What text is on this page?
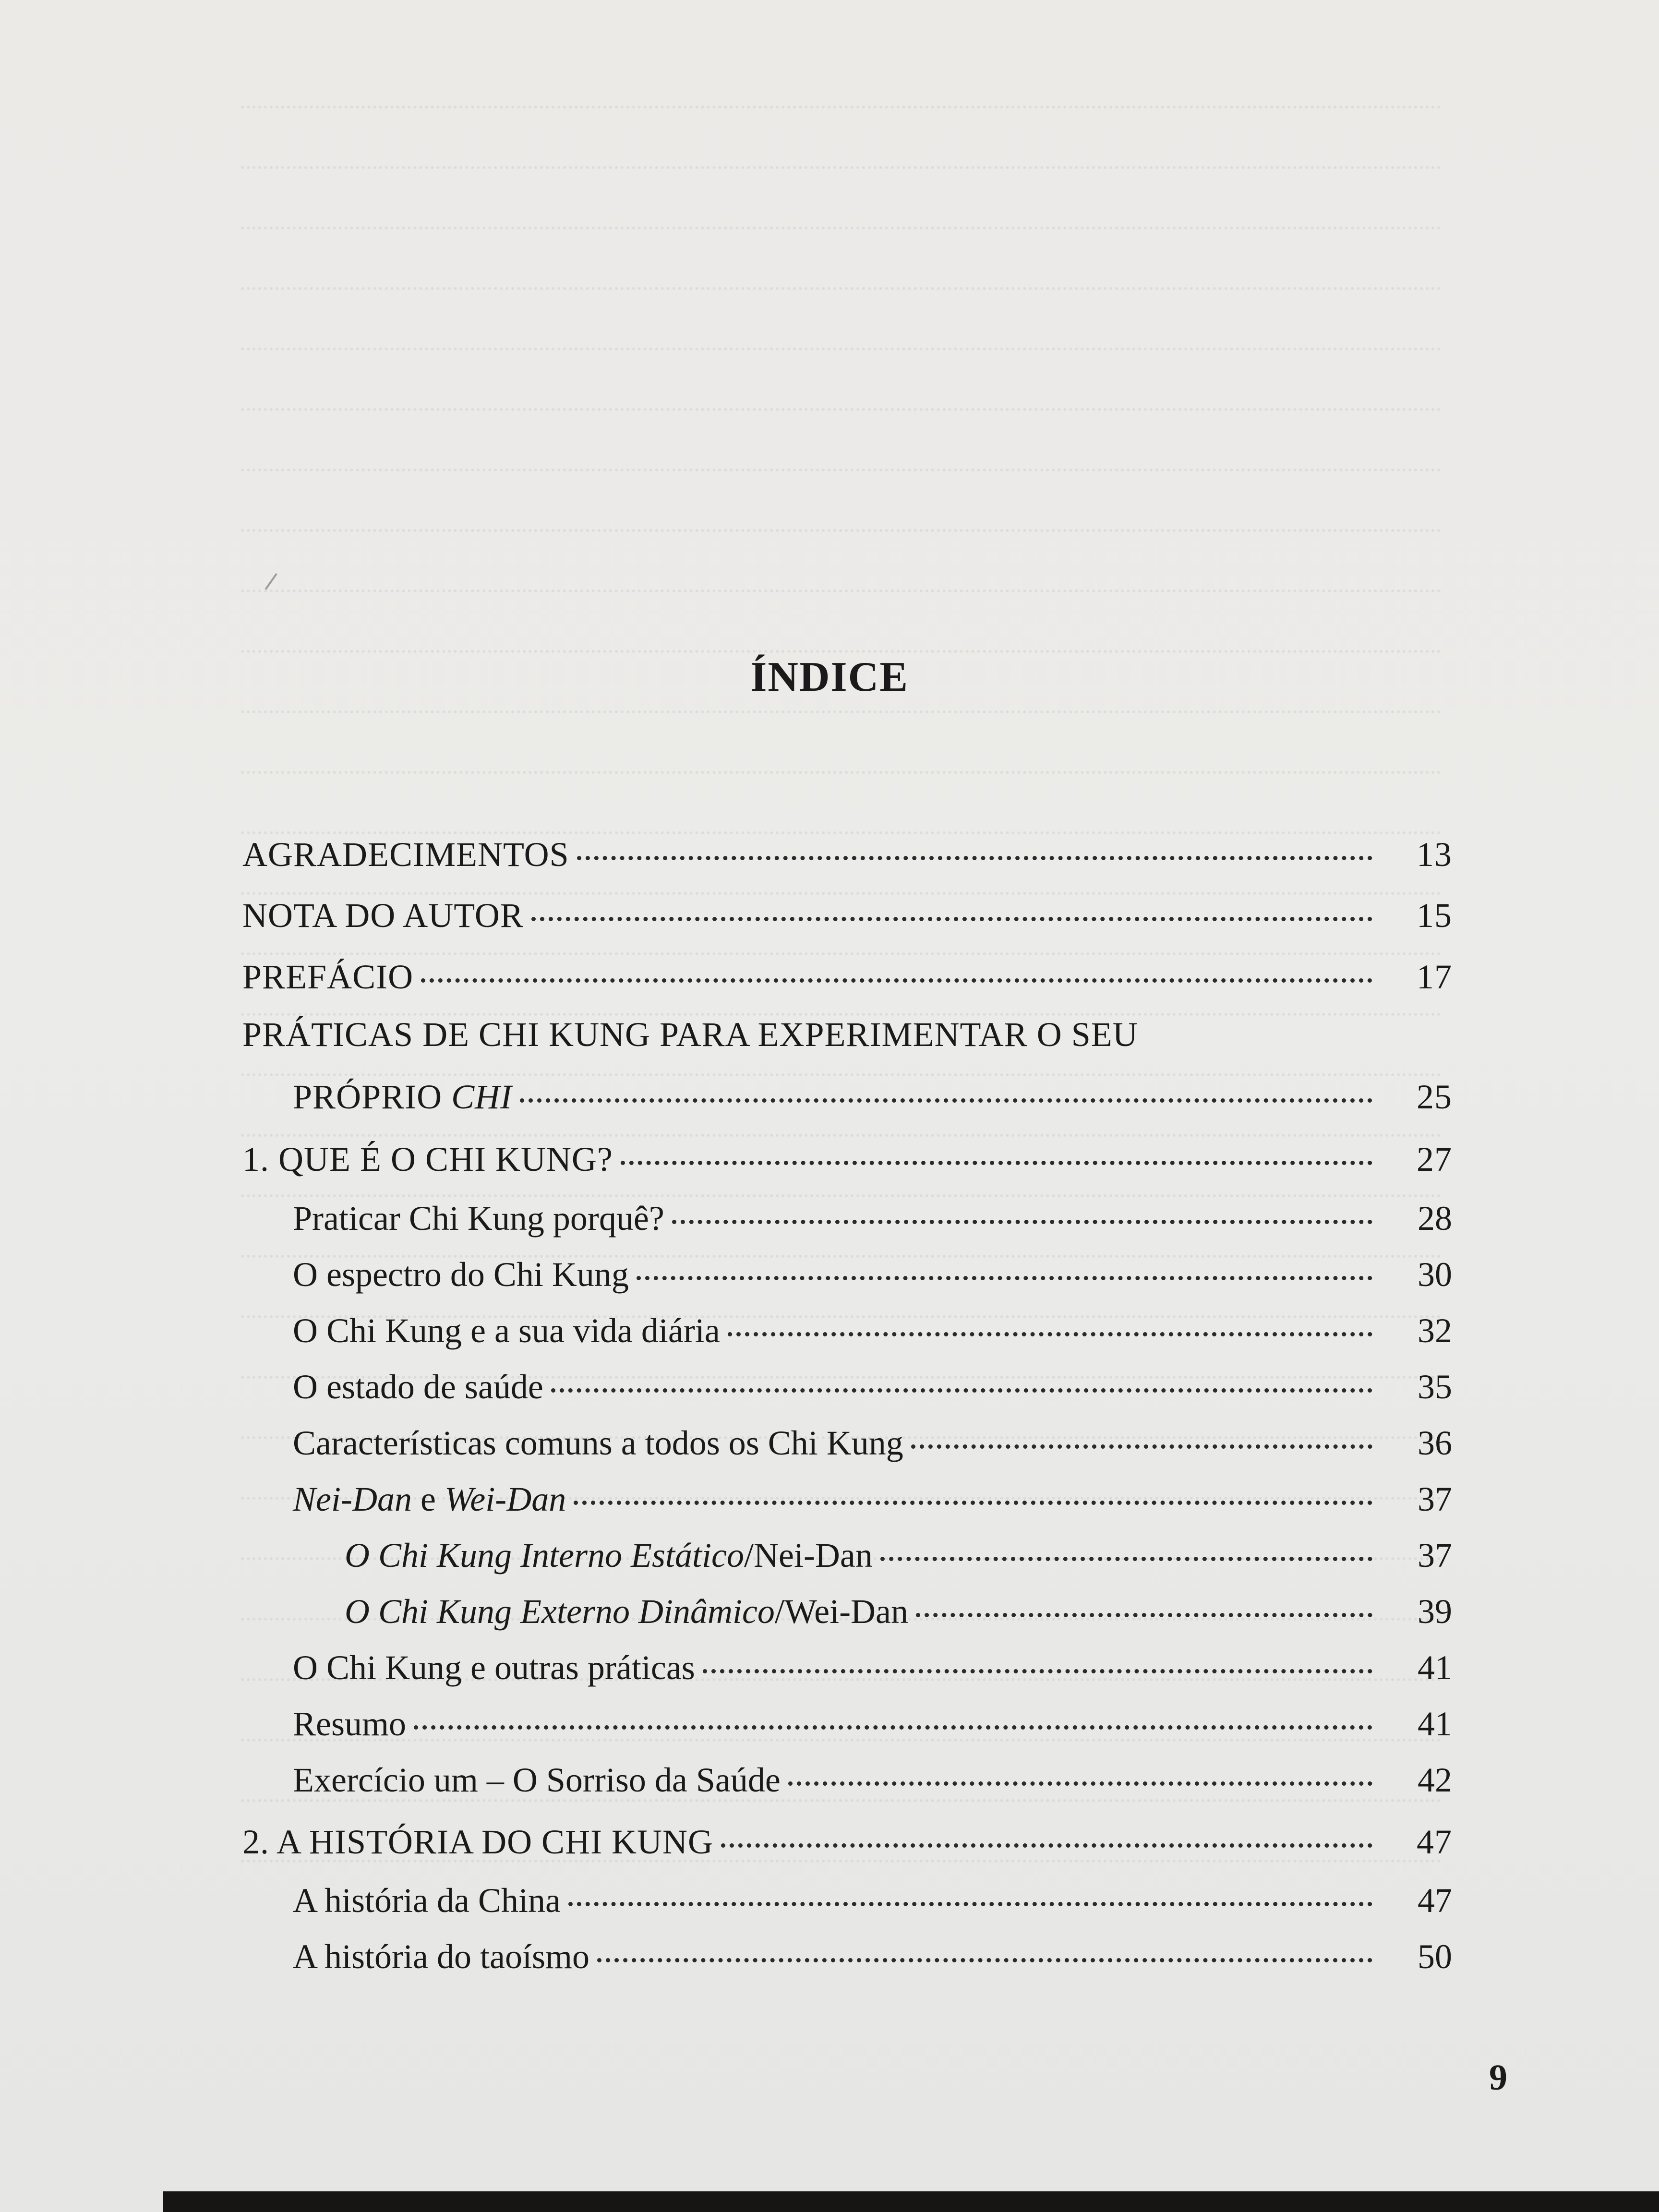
ÍNDICE
AGRADECIMENTOS	13
NOTA DO AUTOR	15
PREFÁCIO	17
PRÁTICAS DE CHI KUNG PARA EXPERIMENTAR O SEU
PRÓPRIO CHI	25
1. QUE É O CHI KUNG?	27
Praticar Chi Kung porquê?	28
O espectro do Chi Kung	30
O Chi Kung e a sua vida diária	32
O estado de saúde	35
Características comuns a todos os Chi Kung	36
Nei-Dan e Wei-Dan	37
O Chi Kung Interno Estático/Nei-Dan	37
O Chi Kung Externo Dinâmico/Wei-Dan	39
O Chi Kung e outras práticas	41
Resumo	41
Exercício um – O Sorriso da Saúde	42
2. A HISTÓRIA DO CHI KUNG	47
A história da China	47
A história do taoísmo	50
9
